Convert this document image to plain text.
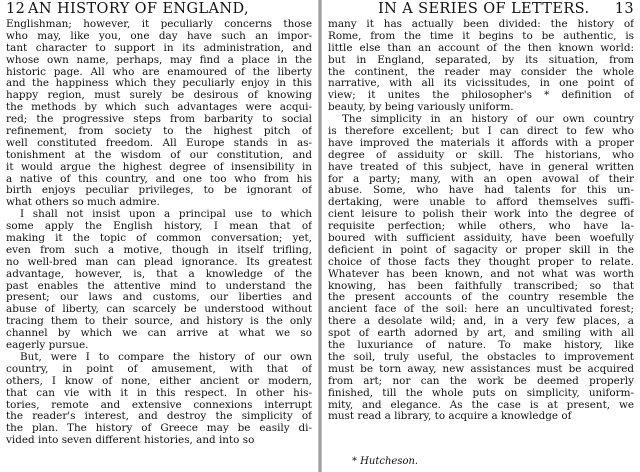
12 AN HISTORY OF ENGLAND,
Englishman; however, it peculiarly concerns those
who may, like you, one day have such an impor-
tant character to support in its administration, and
whose own name, perhaps, may find a place in the
historic page. All who are enamoured of the liberty
and the happiness which they peculiarly enjoy in this
happy region, must surely be desirous of knowing
the methods by which such advantages were acqui-
red; the progressive steps from barbarity to social
refinement, from society to the highest pitch of
well constituted freedom. All Europe stands in as-
tonishment at the wisdom of our constitution, and
it would argue the highest degree of insensibility in
a native of this country, and one too who from his
birth enjoys peculiar privileges, to be ignorant of
what others so much admire.
I shall not insist upon a principal use to which
some apply the English history, I mean that of
making it the topic of common conversation; yet,
even from such a motive, though in itself trifling,
no well-bred man can plead ignorance. Its greatest
advantage, however, is, that a knowledge of the
past enables the attentive mind to understand the
present; our laws and customs, our liberties and
abuse of liberty, can scarcely be understood without
tracing them to their source, and history is the only
channel by which we can arrive at what we so
eagerly pursue.
But, were I to compare the history of our own
country, in point of amusement, with that of
others, I know of none, either ancient or modern,
that can vie with it in this respect. In other his-
tories, remote and extensive connexions interrupt
the reader's interest, and destroy the simplicity of
the plan. The history of Greece may be easily di-
vided into seven different histories, and into so
IN A SERIES OF LETTERS. 13
many it has actually been divided: the history of
Rome, from the time it begins to be authentic, is
little else than an account of the then known world:
but in England, separated, by its situation, from
the continent, the reader may consider the whole
narrative, with all its vicissitudes, in one point of
view; it unites the philosopher's * definition of
beauty, by being variously uniform.
The simplicity in an history of our own country
is therefore excellent; but I can direct to few who
have improved the materials it affords with a proper
degree of assiduity or skill. The historians, who
have treated of this subject, have in general written
for a party; many, with an open avowal of their
abuse. Some, who have had talents for this un-
dertaking, were unable to afford themselves suffi-
cient leisure to polish their work into the degree of
requisite perfection; while others, who have la-
boured with sufficient assiduity, have been woefully
deficient in point of sagacity or proper skill in the
choice of those facts they thought proper to relate.
Whatever has been known, and not what was worth
knowing, has been faithfully transcribed; so that
the present accounts of the country resemble the
ancient face of the soil: here an uncultivated forest;
there a desolate wild; and, in a very few places, a
spot of earth adorned by art, and smiling with all
the luxuriance of nature. To make history, like
the soil, truly useful, the obstacles to improvement
must be torn away, new assistances must be acquired
from art; nor can the work be deemed properly
finished, till the whole puts on simplicity, uniform-
mity, and elegance. As the case is at present, we
must read a library, to acquire a knowledge of
* Hutcheson.
